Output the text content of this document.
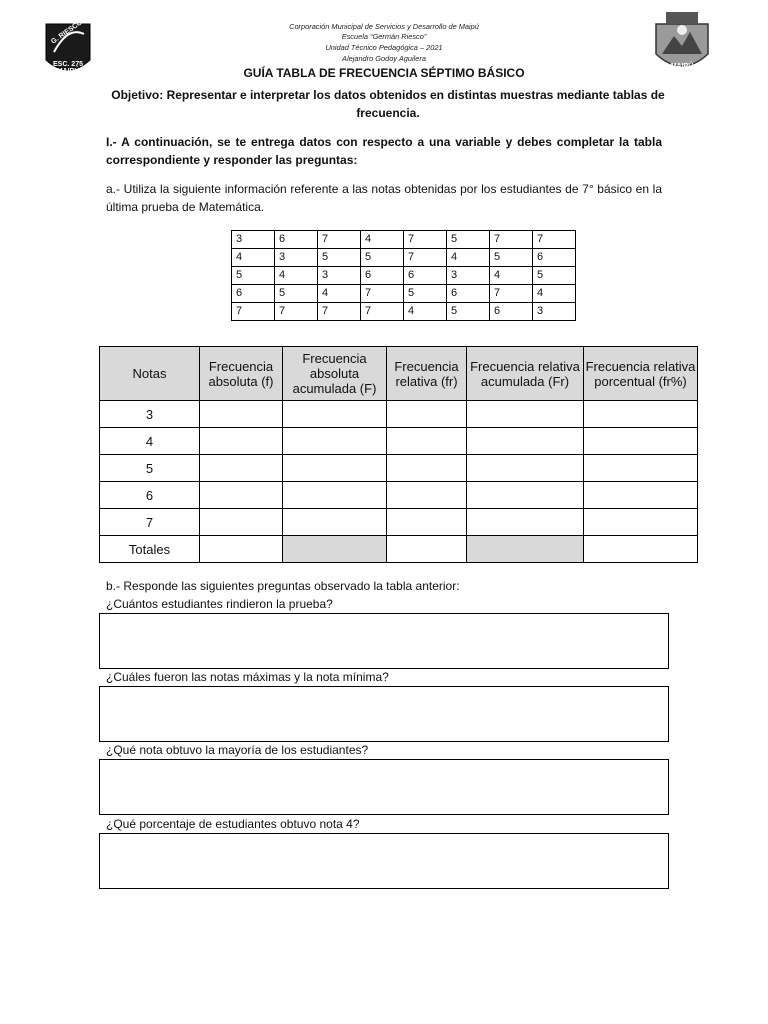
G. RIESCO
ESC. 275
MAIPÚ
MAIPÚ
Corporación Municipal de Servicios y Desarrollo de Maipú
Escuela “Germán Riesco”
Unidad Técnico Pedagógica – 2021
Alejandro Godoy Aguilera
GUÍA TABLA DE FRECUENCIA SÉPTIMO BÁSICO
Objetivo: Representar e interpretar los datos obtenidos en distintas muestras mediante tablas de frecuencia.
I.- A continuación, se te entrega datos con respecto a una variable y debes completar la tabla correspondiente y responder las preguntas:
a.- Utiliza la siguiente información referente a las notas obtenidas por los estudiantes de 7° básico en la última prueba de Matemática.
3	6	7	4	7	5	7	7
4	3	5	5	7	4	5	6
5	4	3	6	6	3	4	5
6	5	4	7	5	6	7	4
7	7	7	7	4	5	6	3
Notas	Frecuencia absoluta (f)	Frecuencia absoluta acumulada (F)	Frecuencia relativa (fr)	Frecuencia relativa acumulada (Fr)	Frecuencia relativa porcentual (fr%)
3					
4					
5					
6					
7					
Totales					
b.- Responde las siguientes preguntas observado la tabla anterior:
¿Cuántos estudiantes rindieron la prueba?
¿Cuáles fueron las notas máximas y la nota mínima?
¿Qué nota obtuvo la mayoría de los estudiantes?
¿Qué porcentaje de estudiantes obtuvo nota 4?
